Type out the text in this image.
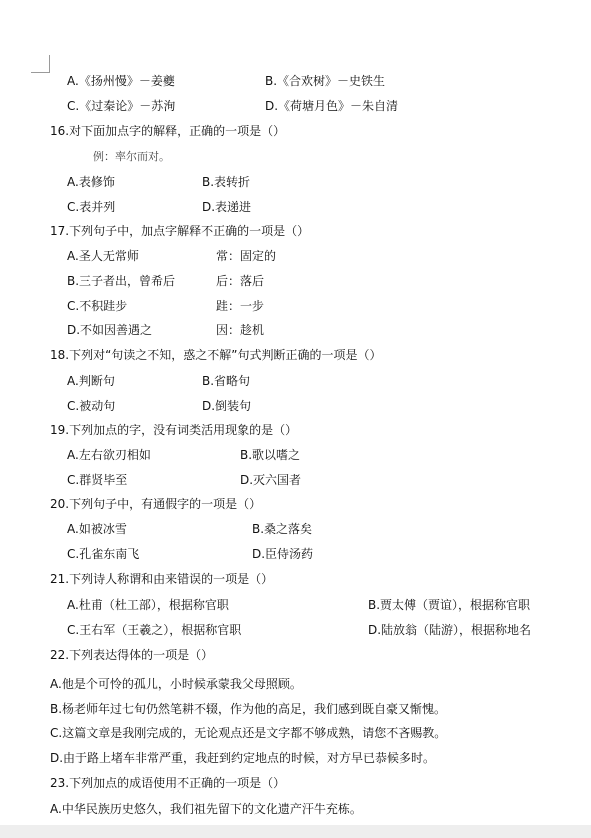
A.《扬州慢》－姜夔	B.《合欢树》－史铁生
C.《过秦论》－苏洵	D.《荷塘月色》－朱自清
16.对下面加点字的解释，正确的一项是（）
例：率尔而对。
A.表修饰	B.表转折
C.表并列	D.表递进
17.下列句子中，加点字解释不正确的一项是（）
A.圣人无常师	常：固定的
B.三子者出，曾希后	后：落后
C.不积跬步	跬：一步
D.不如因善遇之	因：趁机
18.下列对“句读之不知，惑之不解”句式判断正确的一项是（）
A.判断句	B.省略句
C.被动句	D.倒装句
19.下列加点的字，没有词类活用现象的是（）
A.左右欲刃相如	B.歌以嗜之
C.群贤毕至	D.灭六国者
20.下列句子中，有通假字的一项是（）
A.如被冰雪	B.桑之落矣
C.孔雀东南飞	D.臣侍汤药
21.下列诗人称谓和由来错误的一项是（）
A.杜甫（杜工部），根据称官职	B.贾太傅（贾谊），根据称官职
C.王右军（王羲之），根据称官职	D.陆放翁（陆游），根据称地名
22.下列表达得体的一项是（）
A.他是个可怜的孤儿，小时候承蒙我父母照顾。
B.杨老师年过七旬仍然笔耕不辍，作为他的高足，我们感到既自豪又惭愧。
C.这篇文章是我刚完成的，无论观点还是文字都不够成熟，请您不吝赐教。
D.由于路上堵车非常严重，我赶到约定地点的时候，对方早已恭候多时。
23.下列加点的成语使用不正确的一项是（）
A.中华民族历史悠久，我们祖先留下的文化遗产汗牛充栋。
